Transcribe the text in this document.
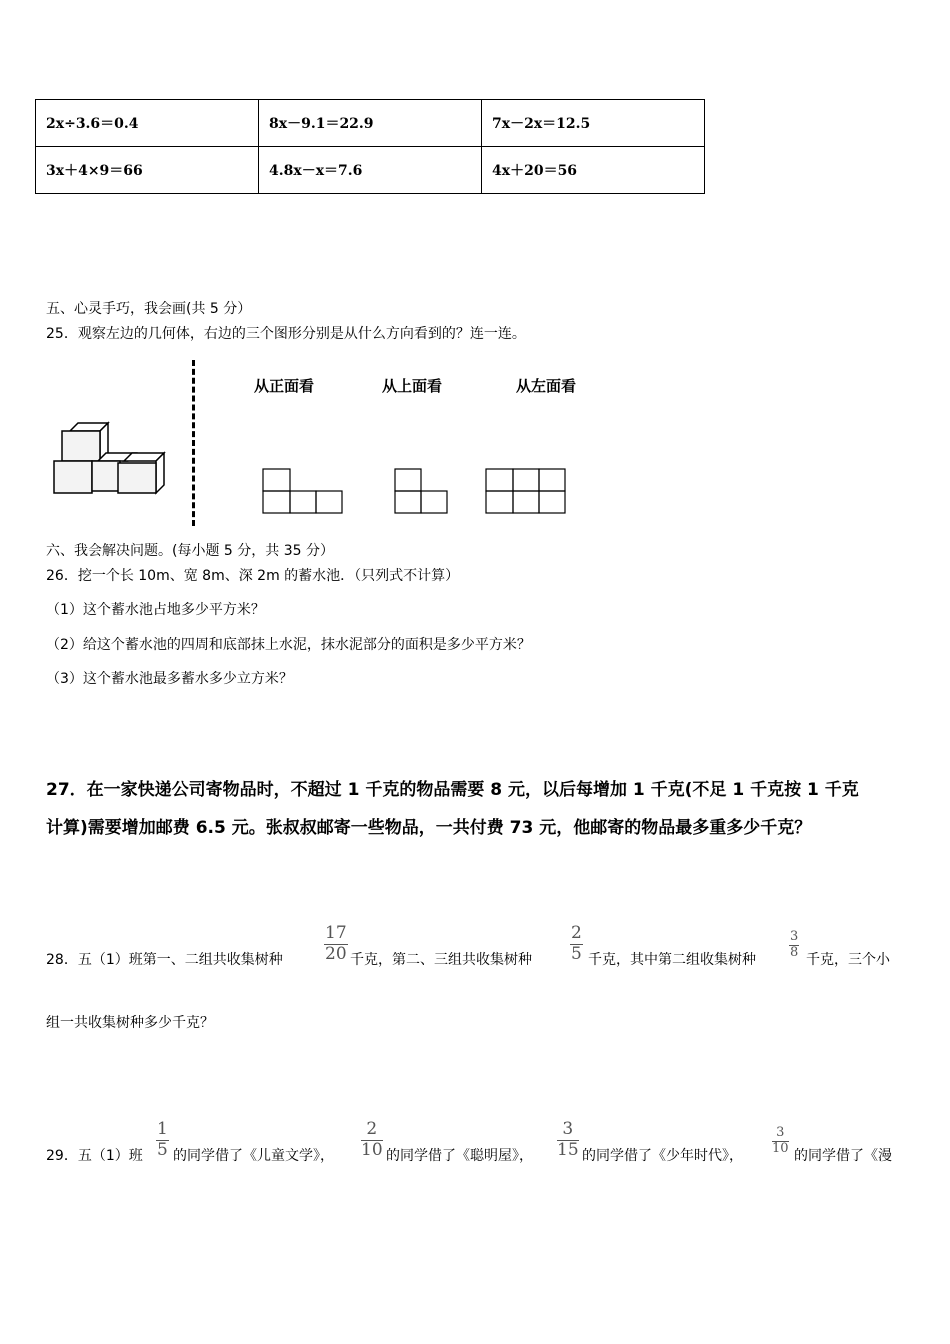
2x÷3.6＝0.4	8x－9.1＝22.9	7x－2x＝12.5
3x＋4×9＝66	4.8x－x＝7.6	4x＋20＝56
五、心灵手巧，我会画(共 5 分）
25．观察左边的几何体，右边的三个图形分别是从什么方向看到的？连一连。
从正面看	从上面看	从左面看
六、我会解决问题。(每小题 5 分，共 35 分）
26．挖一个长 10m、宽 8m、深 2m 的蓄水池．（只列式不计算）
（1）这个蓄水池占地多少平方米？
（2）给这个蓄水池的四周和底部抹上水泥，抹水泥部分的面积是多少平方米？
（3）这个蓄水池最多蓄水多少立方米？
27．在一家快递公司寄物品时，不超过 1 千克的物品需要 8 元，以后每增加 1 千克(不足 1 千克按 1 千克
计算)需要增加邮费 6.5 元。张叔叔邮寄一些物品，一共付费 73 元，他邮寄的物品最多重多少千克？
28．五（1）班第一、二组共收集树种 $\frac{17}{20}$ 千克，第二、三组共收集树种 $\frac{2}{5}$ 千克，其中第二组收集树种	$\frac{3}{8}$ 千克，三个小
组一共收集树种多少千克？
29．五（1）班 $\frac{1}{5}$ 的同学借了《儿童文学》， $\frac{2}{10}$ 的同学借了《聪明屋》， $\frac{3}{15}$ 的同学借了《少年时代》， $\frac{3}{10}$ 的同学借了《漫
